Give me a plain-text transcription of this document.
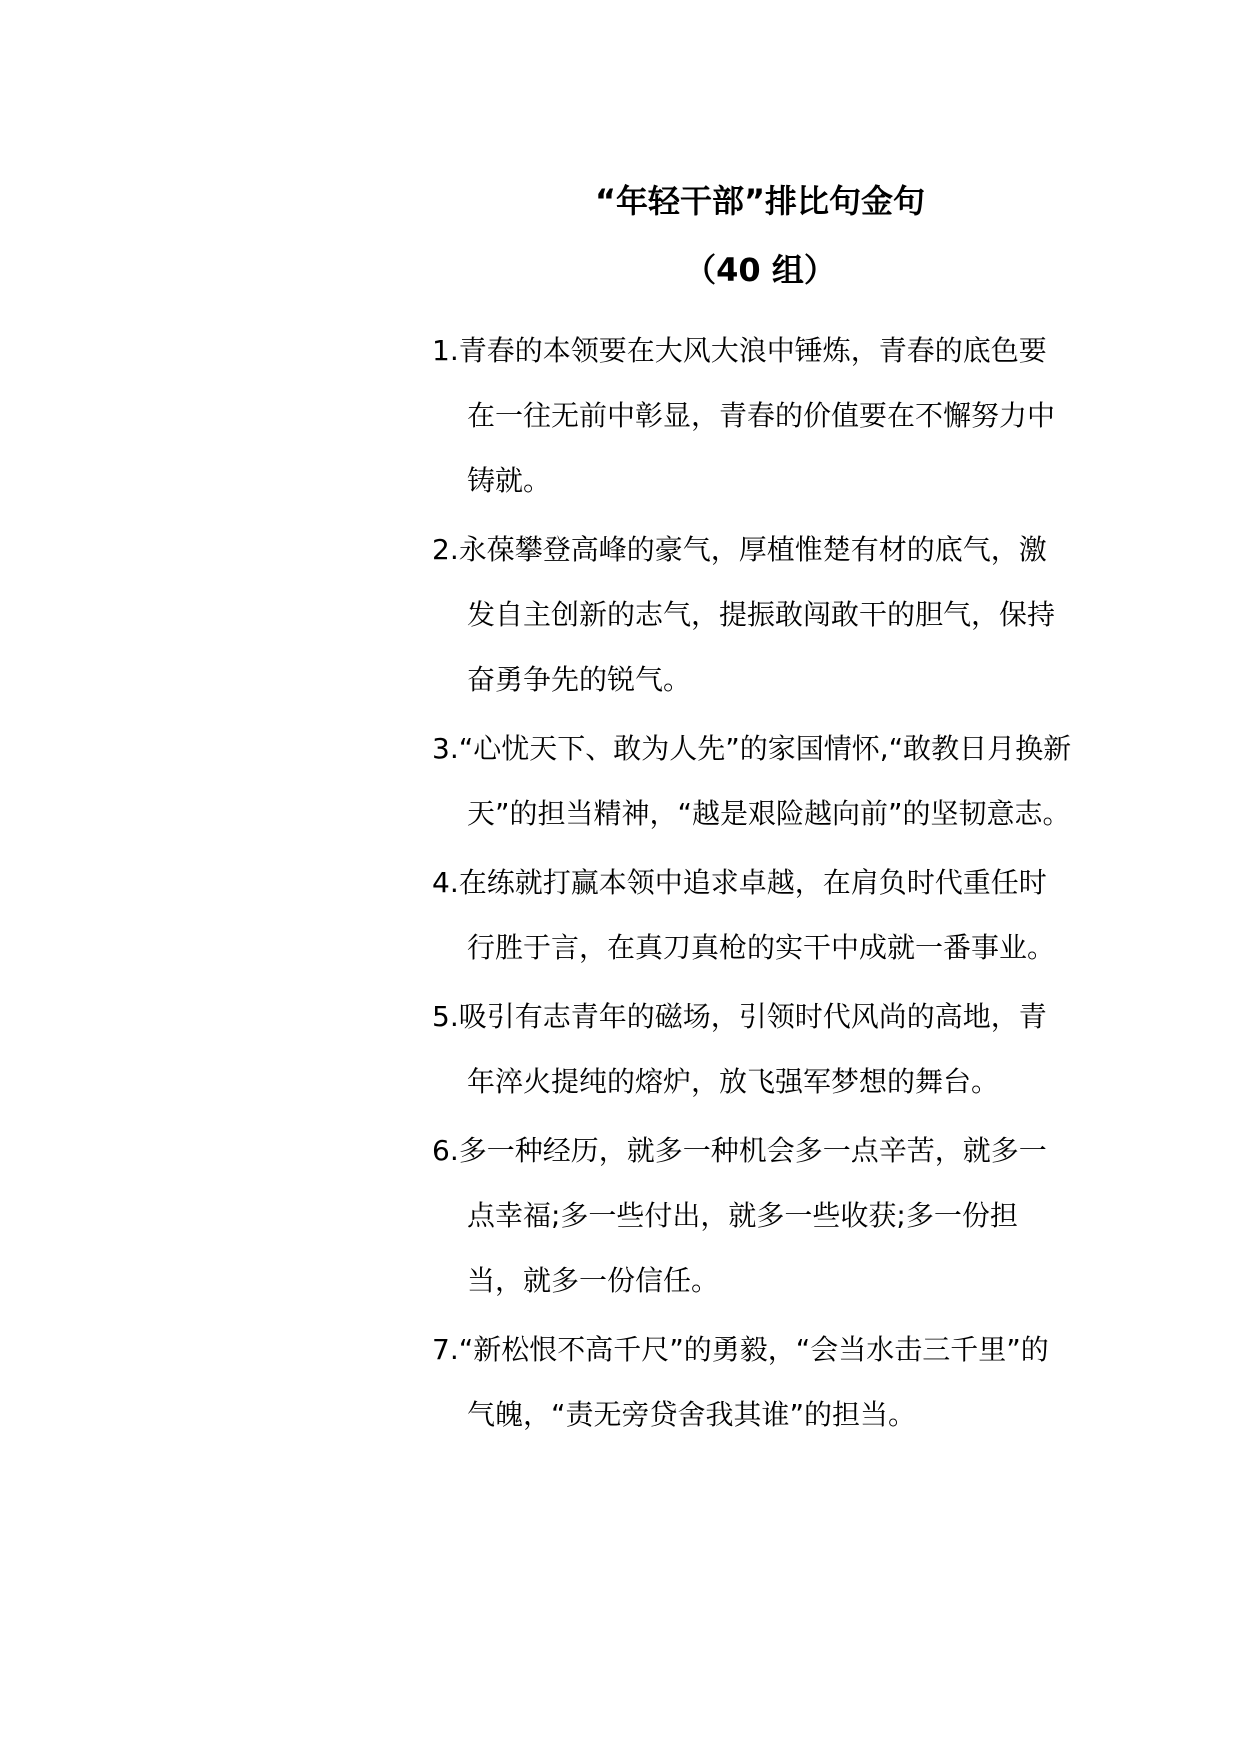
“年轻干部”排比句金句
（40 组）
1.青春的本领要在大风大浪中锤炼，青春的底色要在一往无前中彰显，青春的价值要在不懈努力中铸就。
2.永葆攀登高峰的豪气，厚植惟楚有材的底气，激发自主创新的志气，提振敢闯敢干的胆气，保持奋勇争先的锐气。
3.“心忧天下、敢为人先”的家国情怀,“敢教日月换新天”的担当精神，“越是艰险越向前”的坚韧意志。
4.在练就打赢本领中追求卓越，在肩负时代重任时行胜于言，在真刀真枪的实干中成就一番事业。
5.吸引有志青年的磁场，引领时代风尚的高地，青年淬火提纯的熔炉，放飞强军梦想的舞台。
6.多一种经历，就多一种机会多一点辛苦，就多一点幸福;多一些付出，就多一些收获;多一份担当，就多一份信任。
7.“新松恨不高千尺”的勇毅，“会当水击三千里”的气魄，“责无旁贷舍我其谁”的担当。
